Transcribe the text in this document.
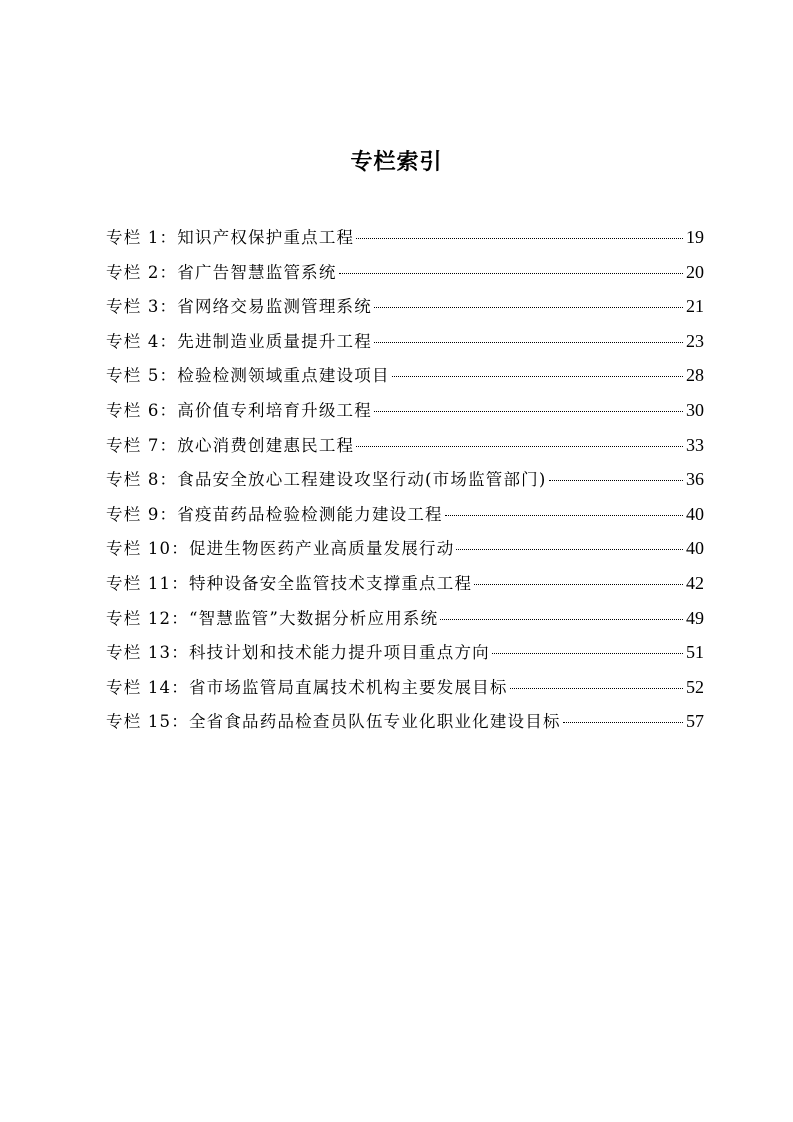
专栏索引
专栏 1：知识产权保护重点工程	19
专栏 2：省广告智慧监管系统	20
专栏 3：省网络交易监测管理系统	21
专栏 4：先进制造业质量提升工程	23
专栏 5：检验检测领域重点建设项目	28
专栏 6：高价值专利培育升级工程	30
专栏 7：放心消费创建惠民工程	33
专栏 8：食品安全放心工程建设攻坚行动(市场监管部门)	36
专栏 9：省疫苗药品检验检测能力建设工程	40
专栏 10：促进生物医药产业高质量发展行动	40
专栏 11：特种设备安全监管技术支撑重点工程	42
专栏 12：“智慧监管”大数据分析应用系统	49
专栏 13：科技计划和技术能力提升项目重点方向	51
专栏 14：省市场监管局直属技术机构主要发展目标	52
专栏 15：全省食品药品检查员队伍专业化职业化建设目标	57
